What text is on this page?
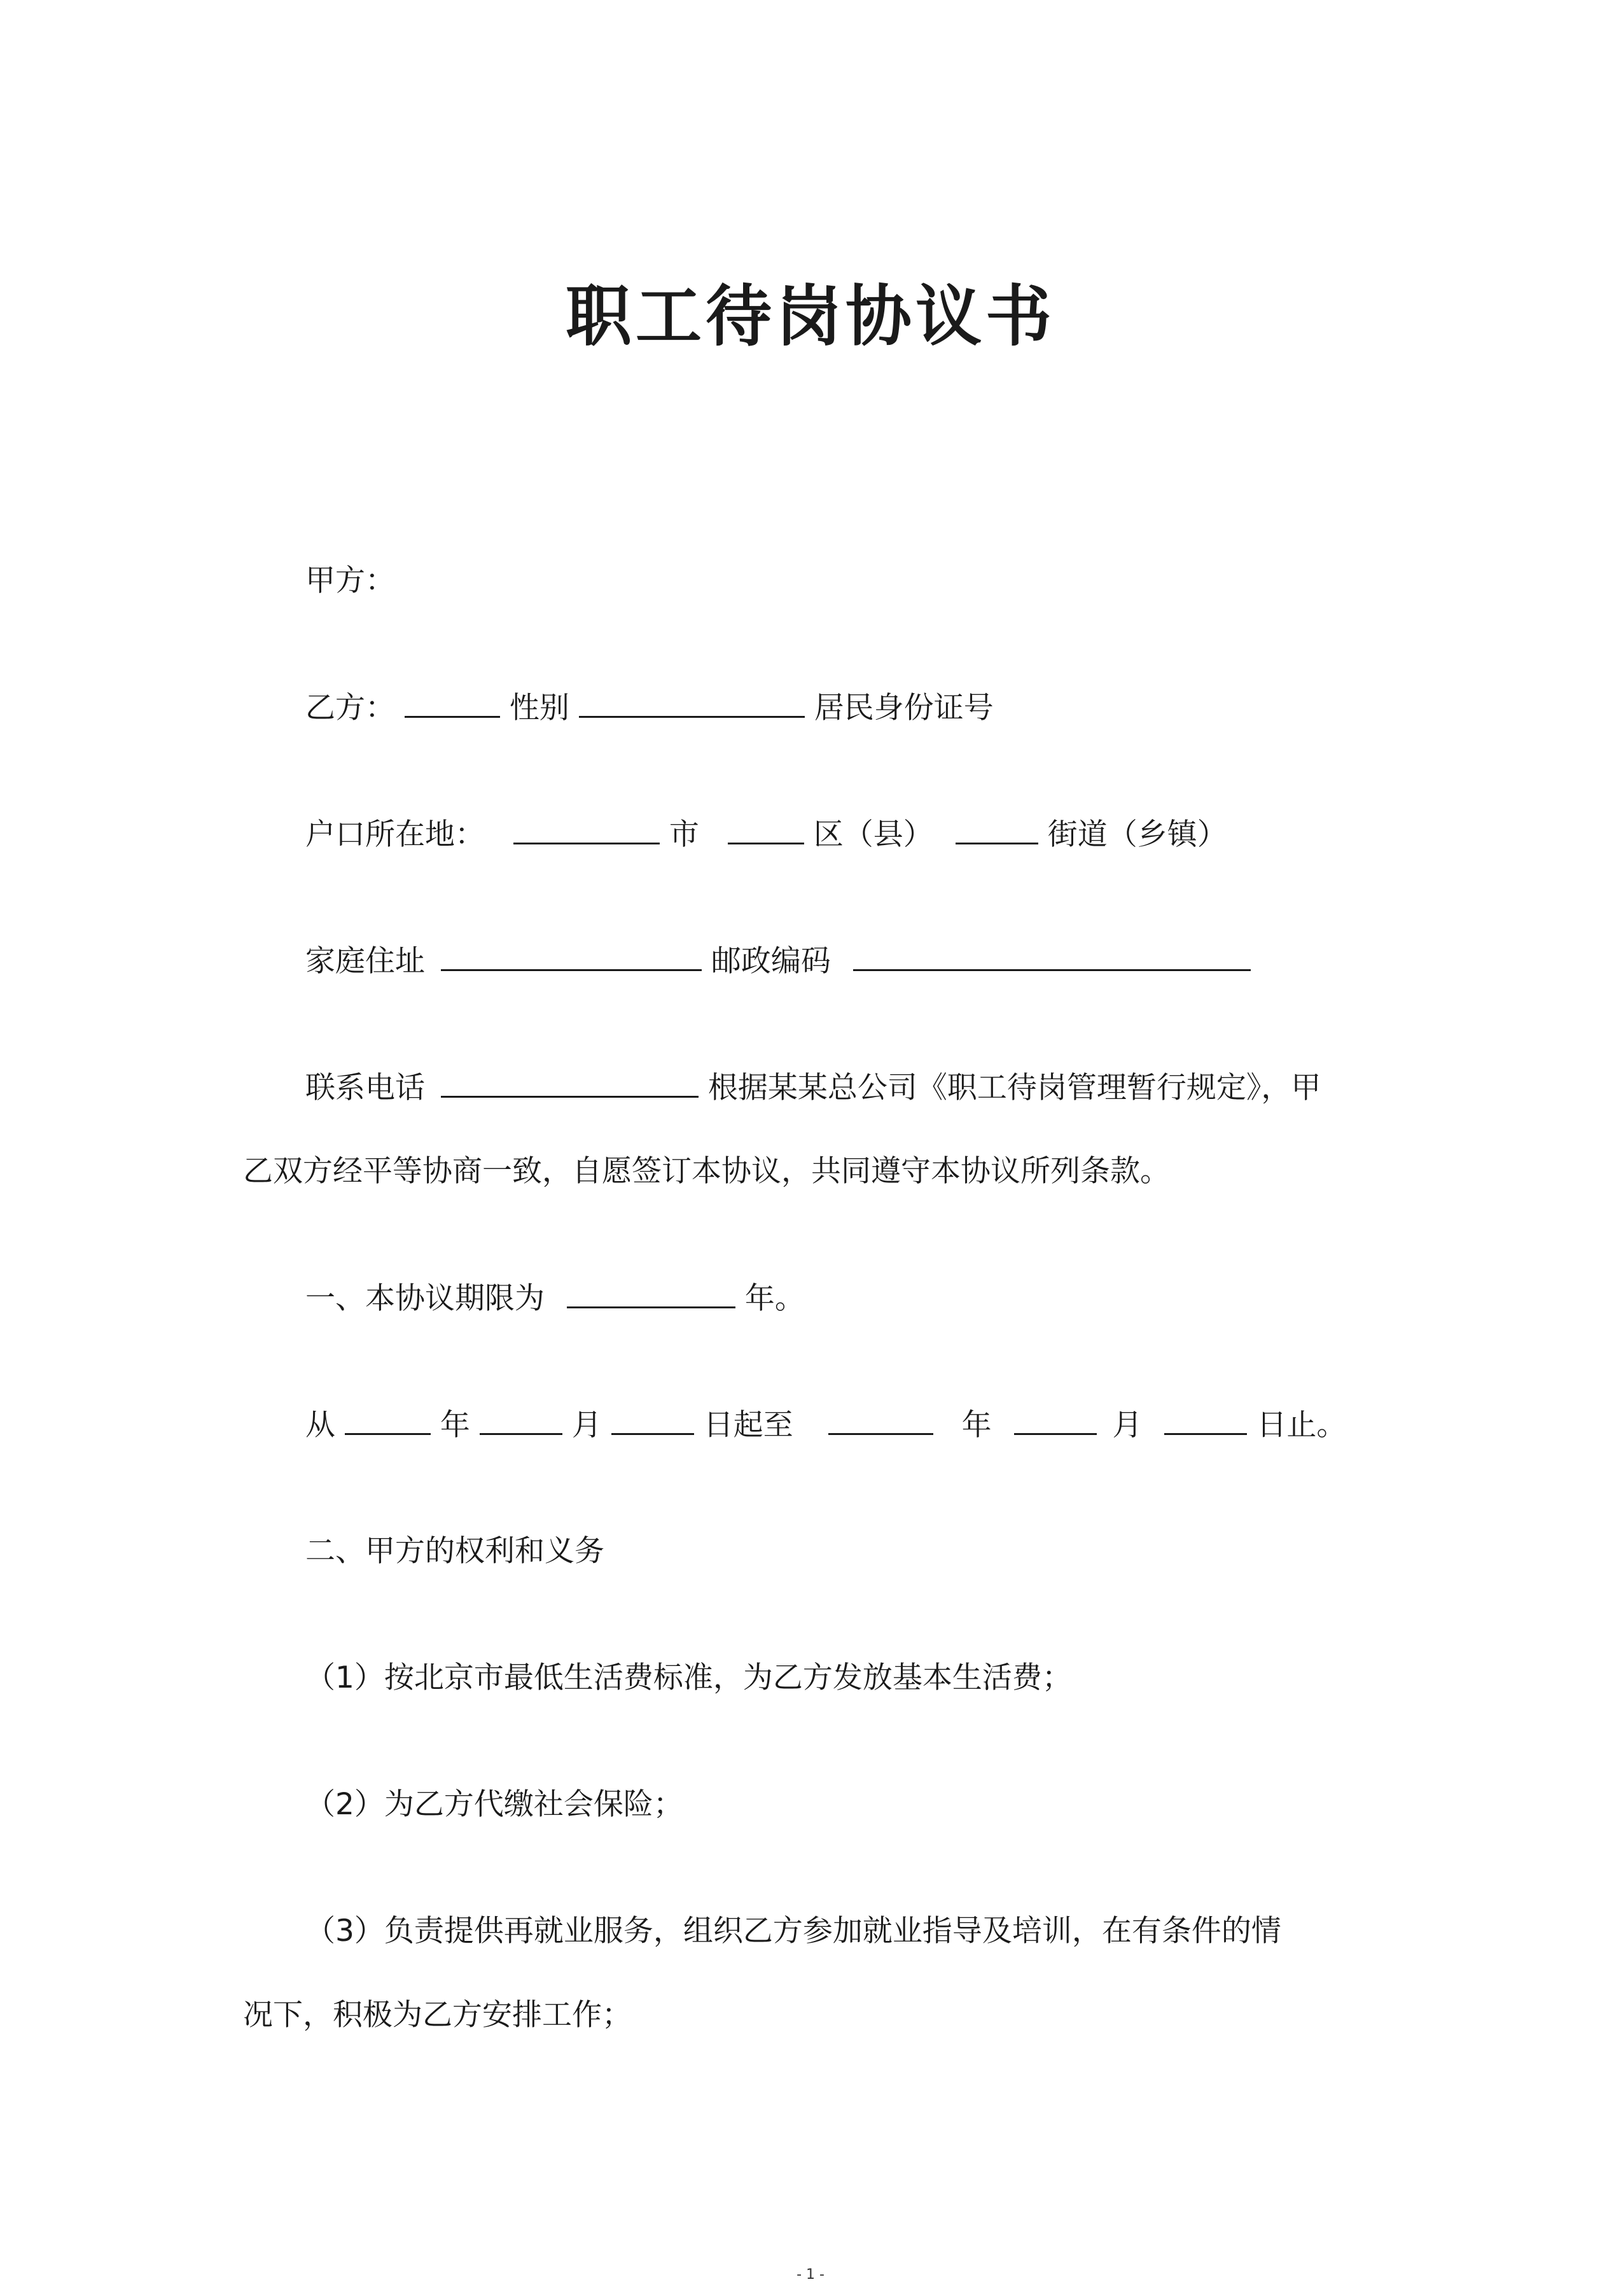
职工待岗协议书
甲方：
乙方：	性别	居民身份证号
户口所在地：	市	区（县）	街道（乡镇）
家庭住址	邮政编码
联系电话	根据某某总公司《职工待岗管理暂行规定》，甲
乙双方经平等协商一致，自愿签订本协议，共同遵守本协议所列条款。
一、本协议期限为	年。
从	年	月	日起至	年	月	日止。
二、甲方的权利和义务
（1）按北京市最低生活费标准，为乙方发放基本生活费；
（2）为乙方代缴社会保险；
（3）负责提供再就业服务，组织乙方参加就业指导及培训，在有条件的情
况下，积极为乙方安排工作；
- 1 -
